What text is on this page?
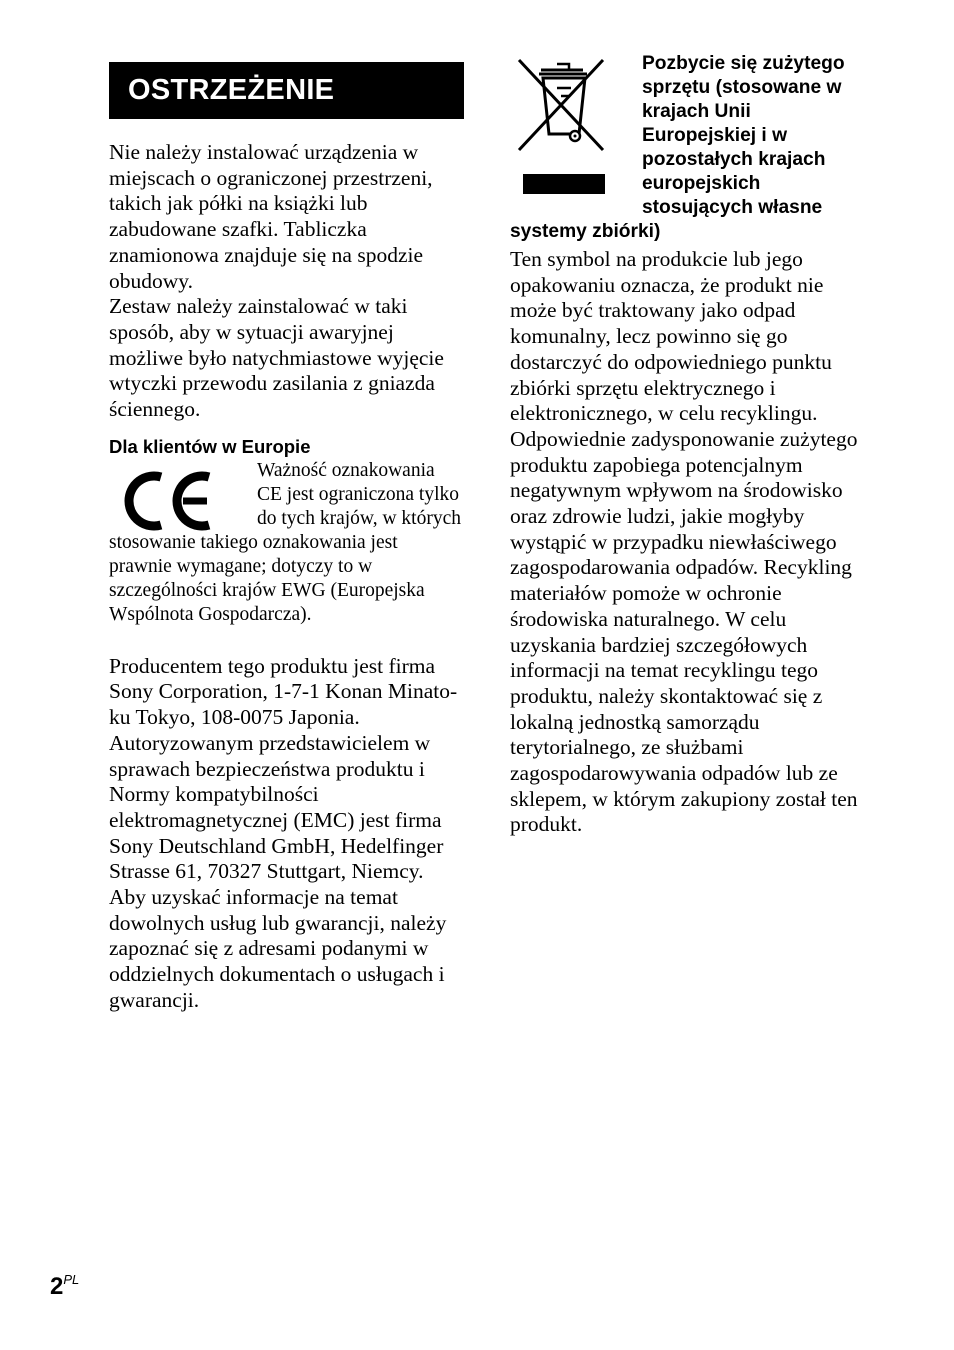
OSTRZEŻENIE

Nie należy instalować urządzenia w miejscach o ograniczonej przestrzeni, takich jak półki na książki lub zabudowane szafki. Tabliczka znamionowa znajduje się na spodzie obudowy.

Zestaw należy zainstalować w taki sposób, aby w sytuacji awaryjnej możliwe było natychmiastowe wyjęcie wtyczki przewodu zasilania z gniazda ściennego.

Dla klientów w Europie

Ważność oznakowania CE jest ograniczona tylko do tych krajów, w których stosowanie takiego oznakowania jest prawnie wymagane; dotyczy to w szczególności krajów EWG (Europejska Wspólnota Gospodarcza).

Producentem tego produktu jest firma Sony Corporation, 1-7-1 Konan Minato-ku Tokyo, 108-0075 Japonia.

Autoryzowanym przedstawicielem w sprawach bezpieczeństwa produktu i Normy kompatybilności elektromagnetycznej (EMC) jest firma Sony Deutschland GmbH, Hedelfinger Strasse 61, 70327 Stuttgart, Niemcy. Aby uzyskać informacje na temat dowolnych usług lub gwarancji, należy zapoznać się z adresami podanymi w oddzielnych dokumentach o usługach i gwarancji.

Pozbycie się zużytego sprzętu (stosowane w krajach Unii Europejskiej i w pozostałych krajach europejskich stosujących własne systemy zbiórki)

Ten symbol na produkcie lub jego opakowaniu oznacza, że produkt nie może być traktowany jako odpad komunalny, lecz powinno się go dostarczyć do odpowiedniego punktu zbiórki sprzętu elektrycznego i elektronicznego, w celu recyklingu. Odpowiednie zadysponowanie zużytego produktu zapobiega potencjalnym negatywnym wpływom na środowisko oraz zdrowie ludzi, jakie mogłyby wystąpić w przypadku niewłaściwego zagospodarowania odpadów. Recykling materiałów pomoże w ochronie środowiska naturalnego. W celu uzyskania bardziej szczegółowych informacji na temat recyklingu tego produktu, należy skontaktować się z lokalną jednostką samorządu terytorialnego, ze służbami zagospodarowywania odpadów lub ze sklepem, w którym zakupiony został ten produkt.

$2^{PL}$
